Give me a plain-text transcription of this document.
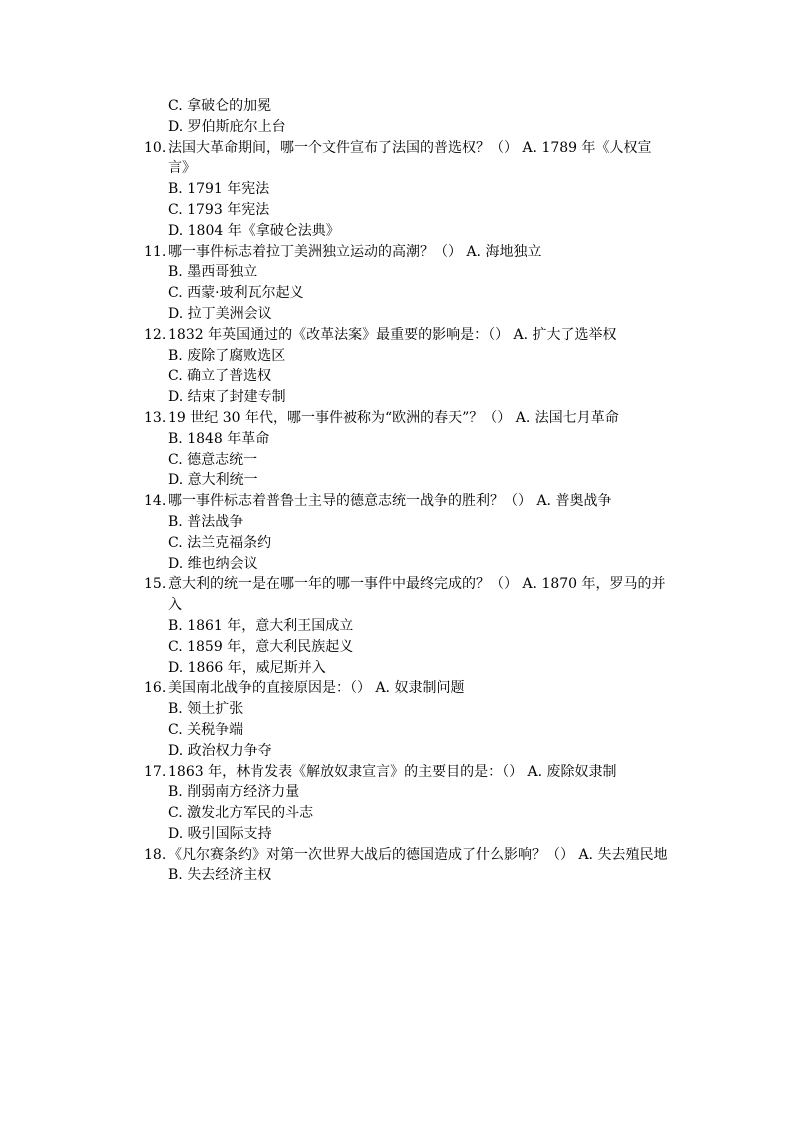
C. 拿破仑的加冕
D. 罗伯斯庇尔上台
10. 法国大革命期间，哪一个文件宣布了法国的普选权？（） A. 1789 年《人权宣言》
B. 1791 年宪法
C. 1793 年宪法
D. 1804 年《拿破仑法典》
11. 哪一事件标志着拉丁美洲独立运动的高潮？（） A. 海地独立
B. 墨西哥独立
C. 西蒙·玻利瓦尔起义
D. 拉丁美洲会议
12. 1832 年英国通过的《改革法案》最重要的影响是：（） A. 扩大了选举权
B. 废除了腐败选区
C. 确立了普选权
D. 结束了封建专制
13. 19 世纪 30 年代，哪一事件被称为“欧洲的春天”？（） A. 法国七月革命
B. 1848 年革命
C. 德意志统一
D. 意大利统一
14. 哪一事件标志着普鲁士主导的德意志统一战争的胜利？（） A. 普奥战争
B. 普法战争
C. 法兰克福条约
D. 维也纳会议
15. 意大利的统一是在哪一年的哪一事件中最终完成的？（） A. 1870 年，罗马的并入
B. 1861 年，意大利王国成立
C. 1859 年，意大利民族起义
D. 1866 年，威尼斯并入
16. 美国南北战争的直接原因是：（） A. 奴隶制问题
B. 领土扩张
C. 关税争端
D. 政治权力争夺
17. 1863 年，林肯发表《解放奴隶宣言》的主要目的是：（） A. 废除奴隶制
B. 削弱南方经济力量
C. 激发北方军民的斗志
D. 吸引国际支持
18. 《凡尔赛条约》对第一次世界大战后的德国造成了什么影响？（） A. 失去殖民地
B. 失去经济主权
